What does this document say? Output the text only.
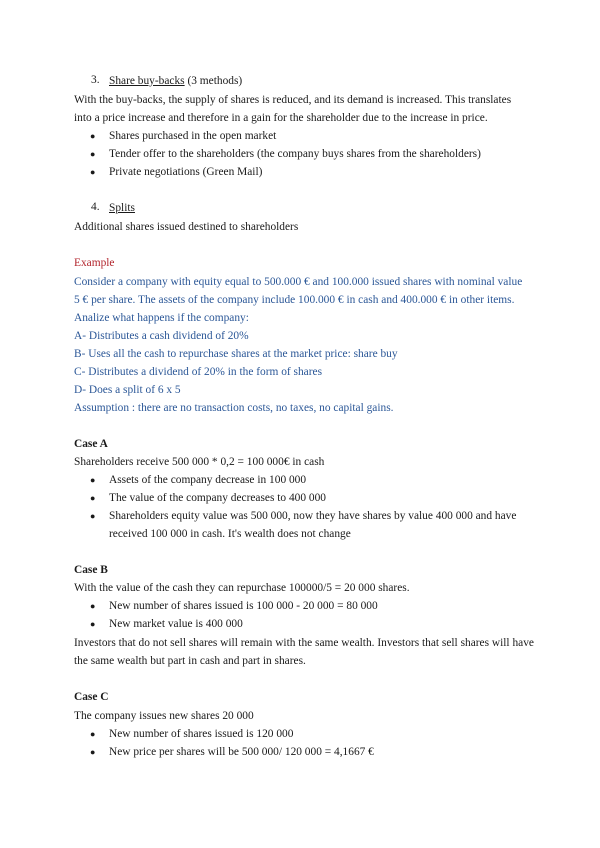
3. Share buy-backs (3 methods)
With the buy-backs, the supply of shares is reduced, and its demand is increased. This translates
into a price increase and therefore in a gain for the shareholder due to the increase in price.
● Shares purchased in the open market
● Tender offer to the shareholders (the company buys shares from the shareholders)
● Private negotiations (Green Mail)
4. Splits
Additional shares issued destined to shareholders
Example
Consider a company with equity equal to 500.000 € and 100.000 issued shares with nominal value
5 € per share. The assets of the company include 100.000 € in cash and 400.000 € in other items.
Analize what happens if the company:
A- Distributes a cash dividend of 20%
B- Uses all the cash to repurchase shares at the market price: share buy
C- Distributes a dividend of 20% in the form of shares
D- Does a split of 6 x 5
Assumption : there are no transaction costs, no taxes, no capital gains.
Case A
Shareholders receive 500 000 * 0,2 = 100 000€ in cash
● Assets of the company decrease in 100 000
● The value of the company decreases to 400 000
● Shareholders equity value was 500 000, now they have shares by value 400 000 and have
received 100 000 in cash. It's wealth does not change
Case B
With the value of the cash they can repurchase 100000/5 = 20 000 shares.
● New number of shares issued is 100 000 - 20 000 = 80 000
● New market value is 400 000
Investors that do not sell shares will remain with the same wealth. Investors that sell shares will have
the same wealth but part in cash and part in shares.
Case C
The company issues new shares 20 000
● New number of shares issued is 120 000
● New price per shares will be 500 000/ 120 000 = 4,1667 €
